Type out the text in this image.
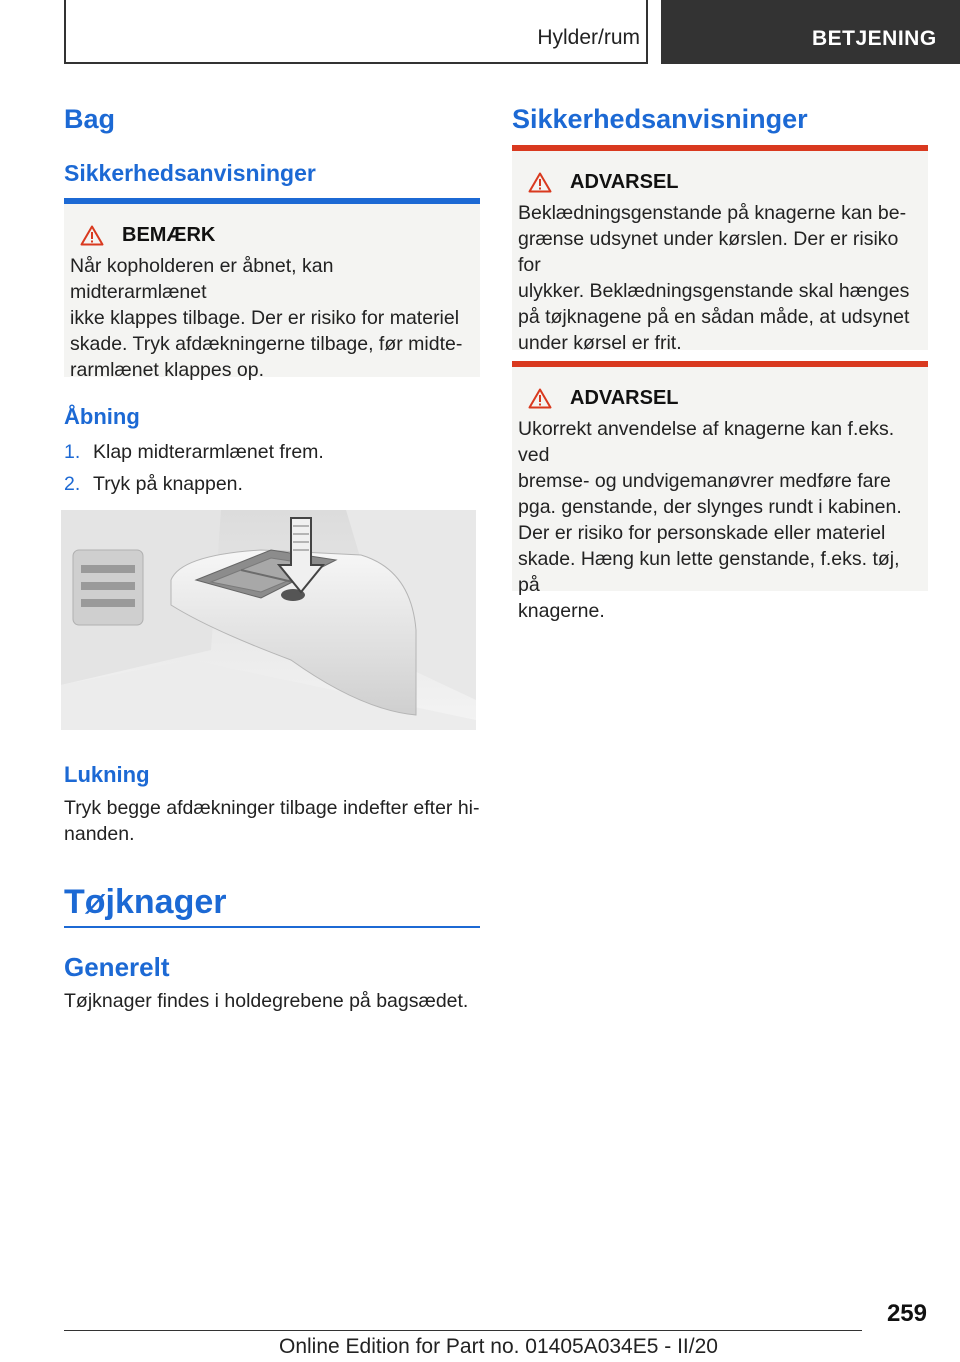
Hylder/rum	BETJENING
Bag
Sikkerhedsanvisninger
BEMÆRK
Når kopholderen er åbnet, kan midterarmlænet
ikke klappes tilbage. Der er risiko for materiel
skade. Tryk afdækningerne tilbage, før midte-
rarmlænet klappes op.
Åbning
1. Klap midterarmlænet frem.
2. Tryk på knappen.
Lukning
Tryk begge afdækninger tilbage indefter efter hi-
nanden.
Tøjknager
Generelt
Tøjknager findes i holdegrebene på bagsædet.
Sikkerhedsanvisninger
ADVARSEL
Beklædningsgenstande på knagerne kan be-
grænse udsynet under kørslen. Der er risiko for
ulykker. Beklædningsgenstande skal hænges
på tøjknagene på en sådan måde, at udsynet
under kørsel er frit.
ADVARSEL
Ukorrekt anvendelse af knagerne kan f.eks. ved
bremse- og undvigemanøvrer medføre fare
pga. genstande, der slynges rundt i kabinen.
Der er risiko for personskade eller materiel
skade. Hæng kun lette genstande, f.eks. tøj, på
knagerne.
259
Online Edition for Part no. 01405A034E5 - II/20
